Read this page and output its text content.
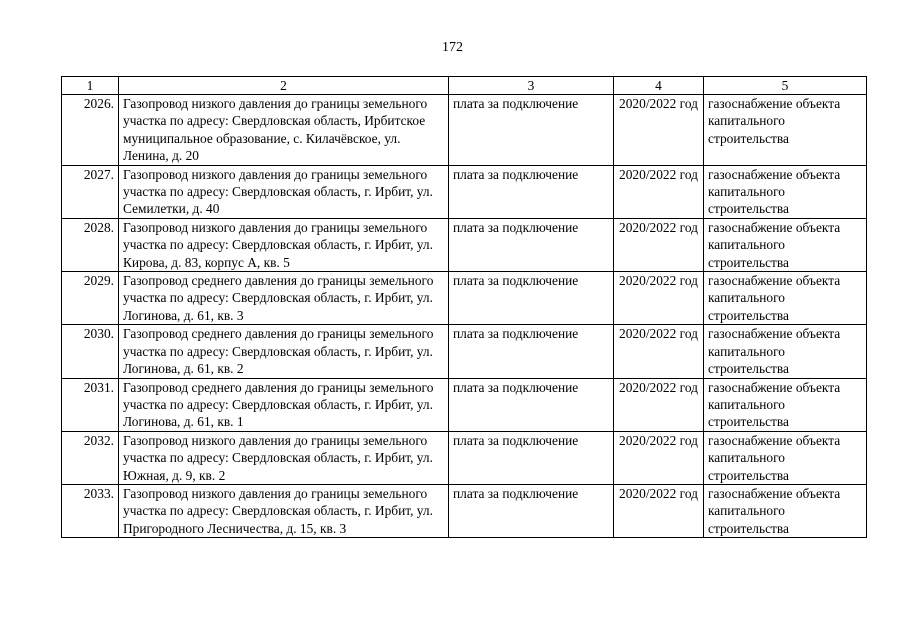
172
1	2	3	4	5
2026.	Газопровод низкого давления до границы земельного участка по адресу: Свердловская область, Ирбитское муниципальное образование, с. Килачёвское, ул. Ленина, д. 20	плата за подключение	2020/2022 год	газоснабжение объекта капитального строительства
2027.	Газопровод низкого давления до границы земельного участка по адресу: Свердловская область, г. Ирбит, ул. Семилетки, д. 40	плата за подключение	2020/2022 год	газоснабжение объекта капитального строительства
2028.	Газопровод низкого давления до границы земельного участка по адресу: Свердловская область, г. Ирбит, ул. Кирова, д. 83, корпус А, кв. 5	плата за подключение	2020/2022 год	газоснабжение объекта капитального строительства
2029.	Газопровод среднего давления до границы земельного участка по адресу: Свердловская область, г. Ирбит, ул. Логинова, д. 61, кв. 3	плата за подключение	2020/2022 год	газоснабжение объекта капитального строительства
2030.	Газопровод среднего давления до границы земельного участка по адресу: Свердловская область, г. Ирбит, ул. Логинова, д. 61, кв. 2	плата за подключение	2020/2022 год	газоснабжение объекта капитального строительства
2031.	Газопровод среднего давления до границы земельного участка по адресу: Свердловская область, г. Ирбит, ул. Логинова, д. 61, кв. 1	плата за подключение	2020/2022 год	газоснабжение объекта капитального строительства
2032.	Газопровод низкого давления до границы земельного участка по адресу: Свердловская область, г. Ирбит, ул. Южная, д. 9, кв. 2	плата за подключение	2020/2022 год	газоснабжение объекта капитального строительства
2033.	Газопровод низкого давления до границы земельного участка по адресу: Свердловская область, г. Ирбит, ул. Пригородного Лесничества, д. 15, кв. 3	плата за подключение	2020/2022 год	газоснабжение объекта капитального строительства
